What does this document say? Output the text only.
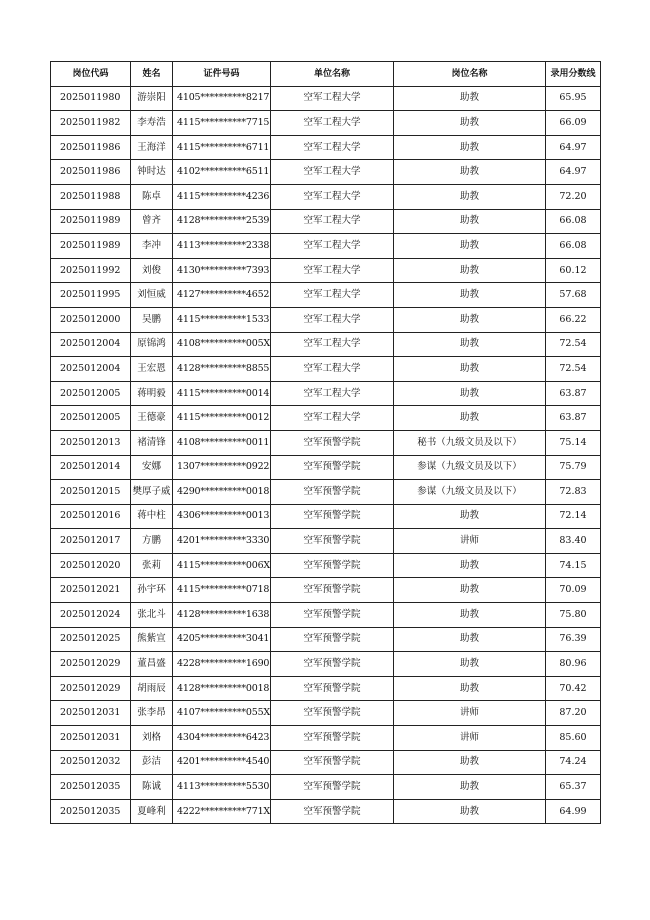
岗位代码	姓名	证件号码	单位名称	岗位名称	录用分数线
2025011980	游崇阳	4105**********8217	空军工程大学	助教	65.95
2025011982	李寿浩	4115**********7715	空军工程大学	助教	66.09
2025011986	王海洋	4115**********6711	空军工程大学	助教	64.97
2025011986	钟时达	4102**********6511	空军工程大学	助教	64.97
2025011988	陈卓	4115**********4236	空军工程大学	助教	72.20
2025011989	曾齐	4128**********2539	空军工程大学	助教	66.08
2025011989	李冲	4113**********2338	空军工程大学	助教	66.08
2025011992	刘俊	4130**********7393	空军工程大学	助教	60.12
2025011995	刘恒威	4127**********4652	空军工程大学	助教	57.68
2025012000	吴鹏	4115**********1533	空军工程大学	助教	66.22
2025012004	原锦鸿	4108**********005X	空军工程大学	助教	72.54
2025012004	王宏恩	4128**********8855	空军工程大学	助教	72.54
2025012005	蒋明毅	4115**********0014	空军工程大学	助教	63.87
2025012005	王德豪	4115**********0012	空军工程大学	助教	63.87
2025012013	褚清锋	4108**********0011	空军预警学院	秘书（九级文员及以下）	75.14
2025012014	安娜	1307**********0922	空军预警学院	参谋（九级文员及以下）	75.79
2025012015	樊厚子威	4290**********0018	空军预警学院	参谋（九级文员及以下）	72.83
2025012016	蒋中柱	4306**********0013	空军预警学院	助教	72.14
2025012017	方鹏	4201**********3330	空军预警学院	讲师	83.40
2025012020	张莉	4115**********006X	空军预警学院	助教	74.15
2025012021	孙宇环	4115**********0718	空军预警学院	助教	70.09
2025012024	张北斗	4128**********1638	空军预警学院	助教	75.80
2025012025	熊紫宣	4205**********3041	空军预警学院	助教	76.39
2025012029	董昌盛	4228**********1690	空军预警学院	助教	80.96
2025012029	胡雨辰	4128**********0018	空军预警学院	助教	70.42
2025012031	张李昂	4107**********055X	空军预警学院	讲师	87.20
2025012031	刘格	4304**********6423	空军预警学院	讲师	85.60
2025012032	彭洁	4201**********4540	空军预警学院	助教	74.24
2025012035	陈诚	4113**********5530	空军预警学院	助教	65.37
2025012035	夏峰利	4222**********771X	空军预警学院	助教	64.99
